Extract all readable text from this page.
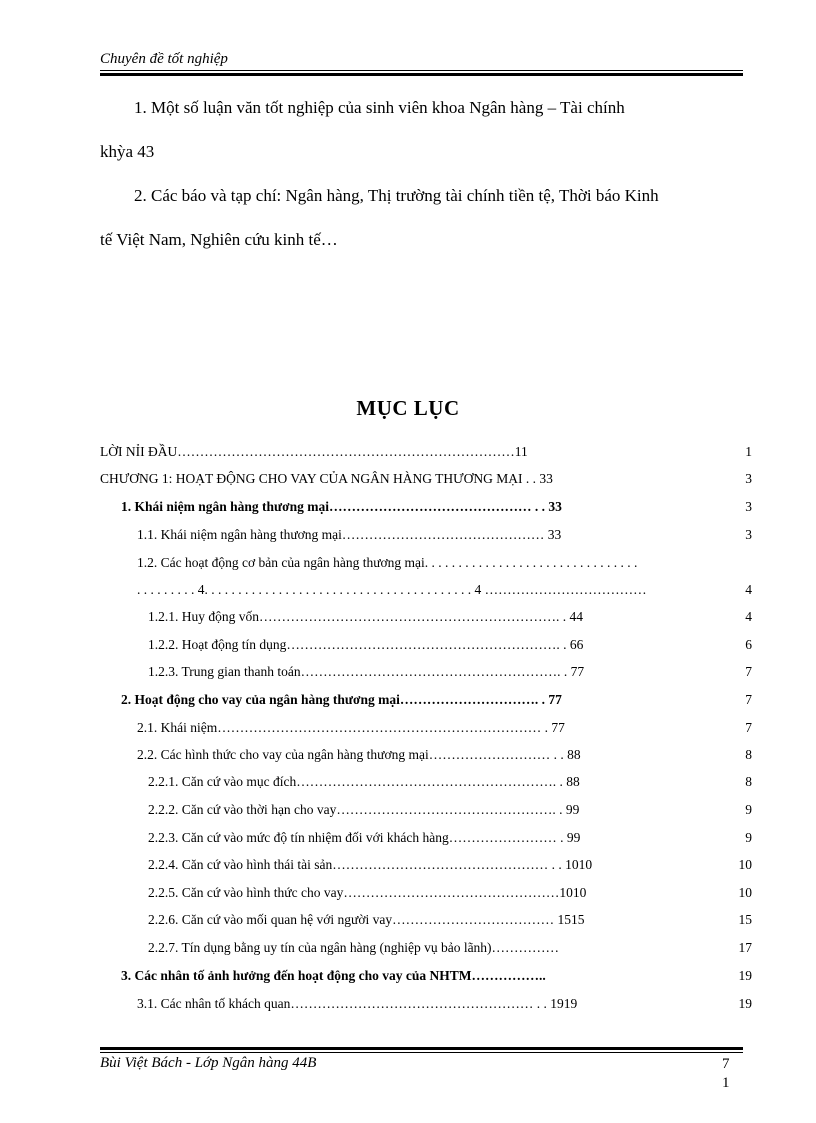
Chuyên đề tốt nghiệp
1. Một số luận văn tốt nghiệp của sinh viên khoa Ngân hàng – Tài chính
khỳa 43
2. Các báo và tạp chí: Ngân hàng, Thị trường tài chính tiền tệ, Thời báo Kinh
tế Việt Nam, Nghiên cứu kinh tế…
MỤC LỤC
LỜI NỈI ĐẦU…………………………………………………………………11	1
CHƯƠNG 1: HOẠT ĐỘNG CHO VAY CỦA NGÂN HÀNG THƯƠNG MẠI . . 33	3
1. Khái niệm ngân hàng thương mại……………………………………… . . 33	3
1.1. Khái niệm ngân hàng thương mại……………………………………… 33	3
1.2. Các hoạt động cơ bản của ngân hàng thương mại. . . . . . . . . . . . . . . . . . . . . . . . . . . . . . . .
. . . . . . . . . 4. . . . . . . . . . . . . . . . . . . . . . . . . . . . . . . . . . . . . . . . 4 ………………………………	4
1.2.1. Huy động vốn…………………………………………………………. . 44	4
1.2.2. Hoạt động tín dụng……………………………………………………. . 66	6
1.2.3. Trung gian thanh toán…………………………………………………. . 77	7
2. Hoạt động cho vay của ngân hàng thương mại…………………………. . 77	7
2.1. Khái niệm……………………………………………………………… . 77	7
2.2. Các hình thức cho vay của ngân hàng thương mại……………………… . . 88	8
2.2.1. Căn cứ vào mục đích…………………………………………………. . 88	8
2.2.2. Căn cứ vào thời hạn cho vay…………………………………………. . 99	9
2.2.3. Căn cứ vào mức độ tín nhiệm đối với khách hàng…………………… . 99	9
2.2.4. Căn cứ vào hình thái tài sản………………………………………… . . 1010	10
2.2.5. Căn cứ vào hình thức cho vay…………………………………………1010	10
2.2.6. Căn cứ vào mối quan hệ với người vay……………………………… 1515	15
2.2.7. Tín dụng bằng uy tín của ngân hàng (nghiệp vụ bảo lãnh)……………	17
3. Các nhân tố ảnh hưởng đến hoạt động cho vay của NHTM……………..	19
3.1. Các nhân tố khách quan……………………………………………… . . 1919	19
Bùi Việt Bách - Lớp Ngân hàng 44B	7
1
